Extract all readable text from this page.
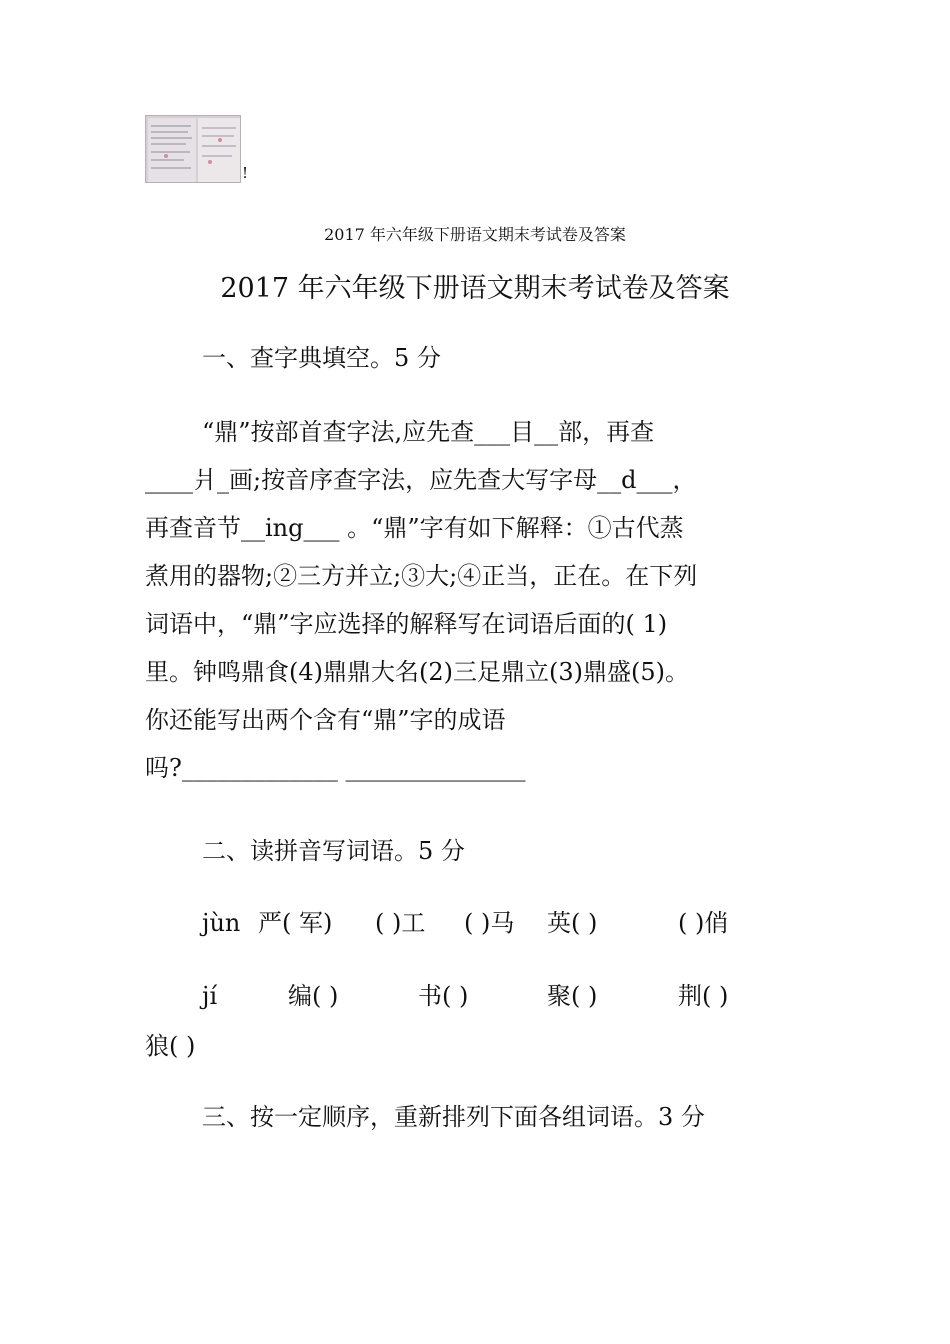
!
2017 年六年级下册语文期末考试卷及答案
2017 年六年级下册语文期末考试卷及答案
一、查字典填空。5 分
“鼎”按部首查字法,应先查___目__部，再查
____爿_画;按音序查字法，应先查大写字母__d___，
再查音节__ing___ 。“鼎”字有如下解释：①古代蒸
煮用的器物;②三方并立;③大;④正当，正在。在下列
词语中，“鼎”字应选择的解释写在词语后面的( 1)
里。钟鸣鼎食(4)鼎鼎大名(2)三足鼎立(3)鼎盛(5)。
你还能写出两个含有“鼎”字的成语
吗?_____________ _______________
二、读拼音写词语。5 分
jùn 严( 军) ( )工 ( )马 英( )	( )俏
jí	编( )	书( )	聚( )	荆( )
狼( )
三、按一定顺序，重新排列下面各组词语。3 分
